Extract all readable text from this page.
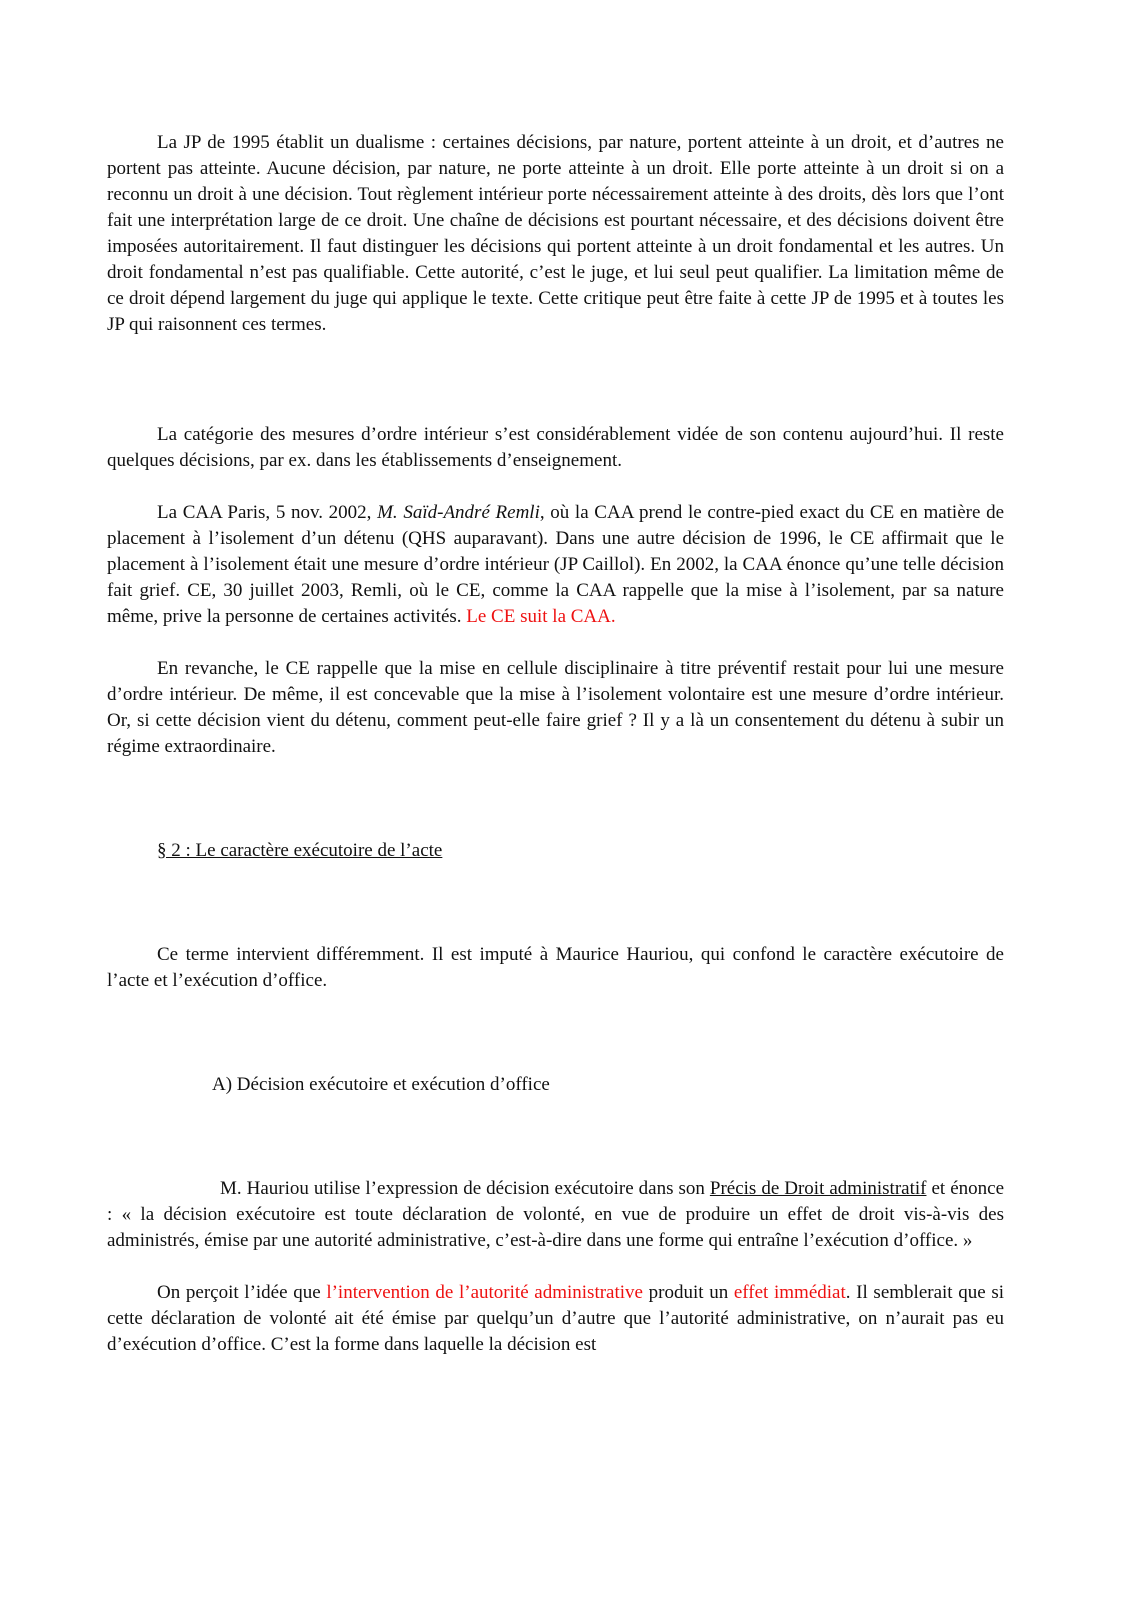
La JP de 1995 établit un dualisme : certaines décisions, par nature, portent atteinte à un droit, et d’autres ne portent pas atteinte. Aucune décision, par nature, ne porte atteinte à un droit. Elle porte atteinte à un droit si on a reconnu un droit à une décision. Tout règlement intérieur porte nécessairement atteinte à des droits, dès lors que l’ont fait une interprétation large de ce droit. Une chaîne de décisions est pourtant nécessaire, et des décisions doivent être imposées autoritairement. Il faut distinguer les décisions qui portent atteinte à un droit fondamental et les autres. Un droit fondamental n’est pas qualifiable. Cette autorité, c’est le juge, et lui seul peut qualifier. La limitation même de ce droit dépend largement du juge qui applique le texte. Cette critique peut être faite à cette JP de 1995 et à toutes les JP qui raisonnent ces termes.

La catégorie des mesures d’ordre intérieur s’est considérablement vidée de son contenu aujourd’hui. Il reste quelques décisions, par ex. dans les établissements d’enseignement.

La CAA Paris, 5 nov. 2002, M. Saïd-André Remli, où la CAA prend le contre-pied exact du CE en matière de placement à l’isolement d’un détenu (QHS auparavant). Dans une autre décision de 1996, le CE affirmait que le placement à l’isolement était une mesure d’ordre intérieur (JP Caillol). En 2002, la CAA énonce qu’une telle décision fait grief. CE, 30 juillet 2003, Remli, où le CE, comme la CAA rappelle que la mise à l’isolement, par sa nature même, prive la personne de certaines activités. Le CE suit la CAA.

En revanche, le CE rappelle que la mise en cellule disciplinaire à titre préventif restait pour lui une mesure d’ordre intérieur. De même, il est concevable que la mise à l’isolement volontaire est une mesure d’ordre intérieur. Or, si cette décision vient du détenu, comment peut-elle faire grief ? Il y a là un consentement du détenu à subir un régime extraordinaire.

§ 2 : Le caractère exécutoire de l’acte

Ce terme intervient différemment. Il est imputé à Maurice Hauriou, qui confond le caractère exécutoire de l’acte et l’exécution d’office.

A) Décision exécutoire et exécution d’office

M. Hauriou utilise l’expression de décision exécutoire dans son Précis de Droit administratif et énonce : « la décision exécutoire est toute déclaration de volonté, en vue de produire un effet de droit vis-à-vis des administrés, émise par une autorité administrative, c’est-à-dire dans une forme qui entraîne l’exécution d’office. »

On perçoit l’idée que l’intervention de l’autorité administrative produit un effet immédiat. Il semblerait que si cette déclaration de volonté ait été émise par quelqu’un d’autre que l’autorité administrative, on n’aurait pas eu d’exécution d’office. C’est la forme dans laquelle la décision est
